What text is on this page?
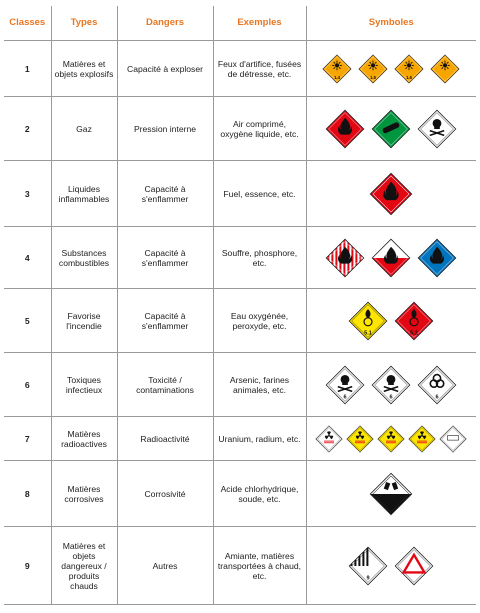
Classes	Types	Dangers	Exemples	Symboles
1	Matières et objets explosifs	Capacité à exploser	Feux d'artifice, fusées de détresse, etc.	1.4 1.5 1.6

2	Gaz	Pression interne	Air comprimé, oxygène liquide, etc.	

3	Liquides inflammables	Capacité à s'enflammer	Fuel, essence, etc.	

4	Substances combustibles	Capacité à s'enflammer	Souffre, phosphore, etc.	

5	Favorise l'incendie	Capacité à s'enflammer	Eau oxygénée, peroxyde, etc.	5.1 5.2

6	Toxiques infectieux	Toxicité / contaminations	Arsenic, farines animales, etc.	6 6 6

7	Matières radioactives	Radioactivité	Uranium, radium, etc.	

8	Matières corrosives	Corrosivité	Acide chlorhydrique, soude, etc.	8

9	Matières et objets dangereux / produits chauds	Autres	Amiante, matières transportées à chaud, etc.	9
